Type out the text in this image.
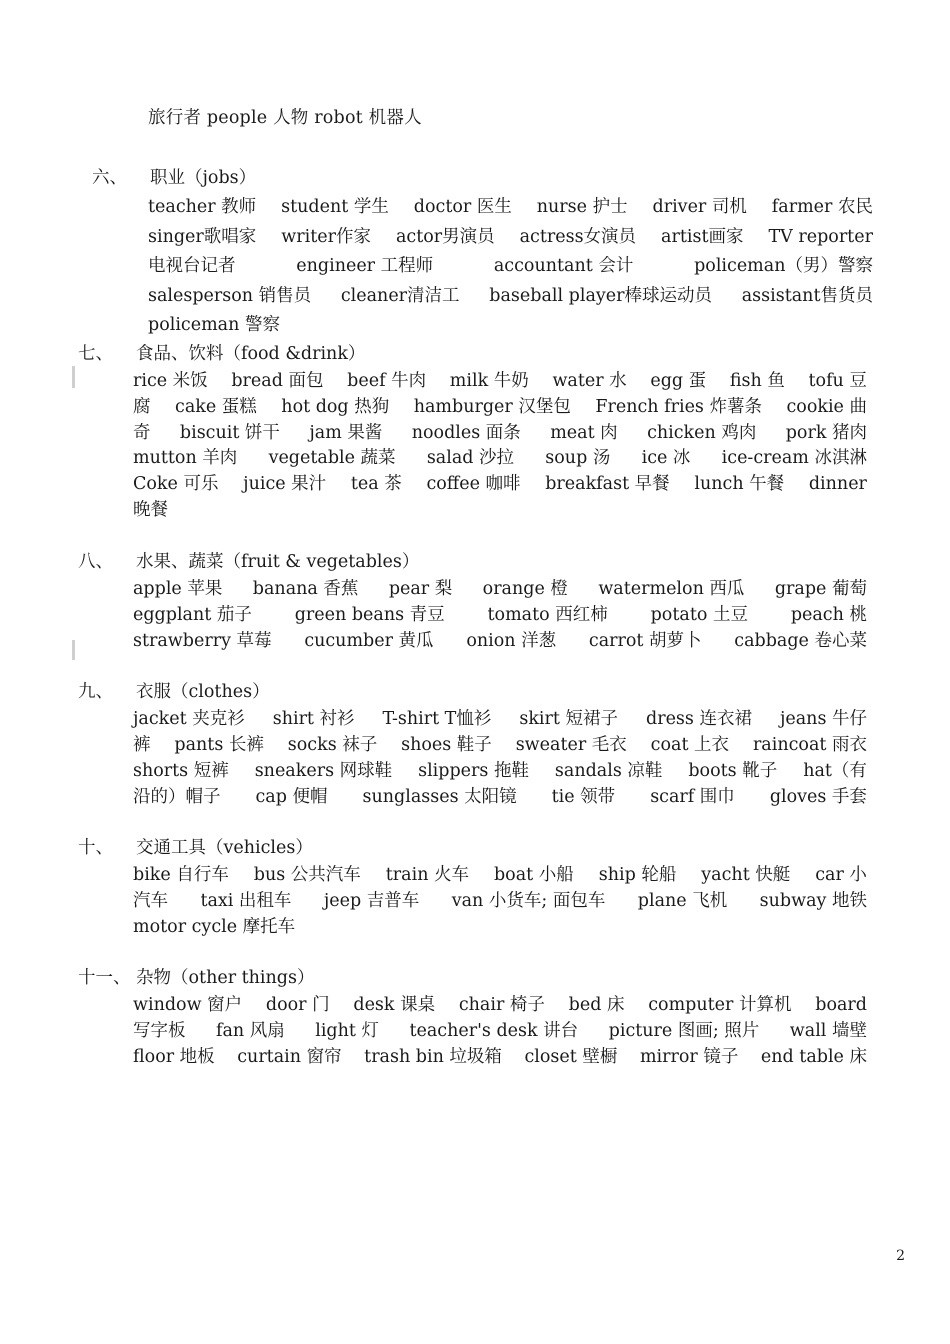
旅行者 people 人物 robot 机器人
六、 职业（jobs）
teacher 教师 student 学生 doctor 医生 nurse 护士 driver 司机 farmer 农民
singer歌唱家 writer作家 actor男演员 actress女演员 artist画家 TV reporter
电视台记者	engineer 工程师	accountant 会计	policeman（男）警察
salesperson 销售员 cleaner清洁工 baseball player棒球运动员 assistant售货员
policeman 警察
七、 食品、饮料（food &drink）
rice 米饭 bread 面包 beef 牛肉 milk 牛奶 water 水 egg 蛋 fish 鱼 tofu 豆
腐 cake 蛋糕 hot dog 热狗 hamburger 汉堡包 French fries 炸薯条 cookie 曲
奇 biscuit 饼干 jam 果酱 noodles 面条 meat 肉 chicken 鸡肉 pork 猪肉
mutton 羊肉 vegetable 蔬菜 salad 沙拉 soup 汤 ice 冰 ice-cream 冰淇淋
Coke 可乐 juice 果汁 tea 茶 coffee 咖啡 breakfast 早餐 lunch 午餐 dinner
晚餐
八、 水果、蔬菜（fruit & vegetables）
apple 苹果 banana 香蕉 pear 梨 orange 橙 watermelon 西瓜 grape 葡萄
eggplant 茄子 green beans 青豆 tomato 西红柿 potato 土豆 peach 桃
strawberry 草莓 cucumber 黄瓜 onion 洋葱 carrot 胡萝卜 cabbage 卷心菜
九、 衣服（clothes）
jacket 夹克衫 shirt 衬衫 T-shirt T恤衫 skirt 短裙子 dress 连衣裙 jeans 牛仔
裤 pants 长裤 socks 袜子 shoes 鞋子 sweater 毛衣 coat 上衣 raincoat 雨衣
shorts 短裤 sneakers 网球鞋 slippers 拖鞋 sandals 凉鞋 boots 靴子 hat（有
沿的）帽子 cap 便帽 sunglasses 太阳镜 tie 领带 scarf 围巾 gloves 手套
十、 交通工具（vehicles）
bike 自行车 bus 公共汽车 train 火车 boat 小船 ship 轮船 yacht 快艇 car 小
汽车 taxi 出租车 jeep 吉普车 van 小货车; 面包车 plane 飞机 subway 地铁
motor cycle 摩托车
十一、 杂物（other things）
window 窗户 door 门 desk 课桌 chair 椅子 bed 床 computer 计算机 board
写字板 fan 风扇 light 灯 teacher's desk 讲台 picture 图画; 照片 wall 墙壁
floor 地板 curtain 窗帘 trash bin 垃圾箱 closet 壁橱 mirror 镜子 end table 床
2
